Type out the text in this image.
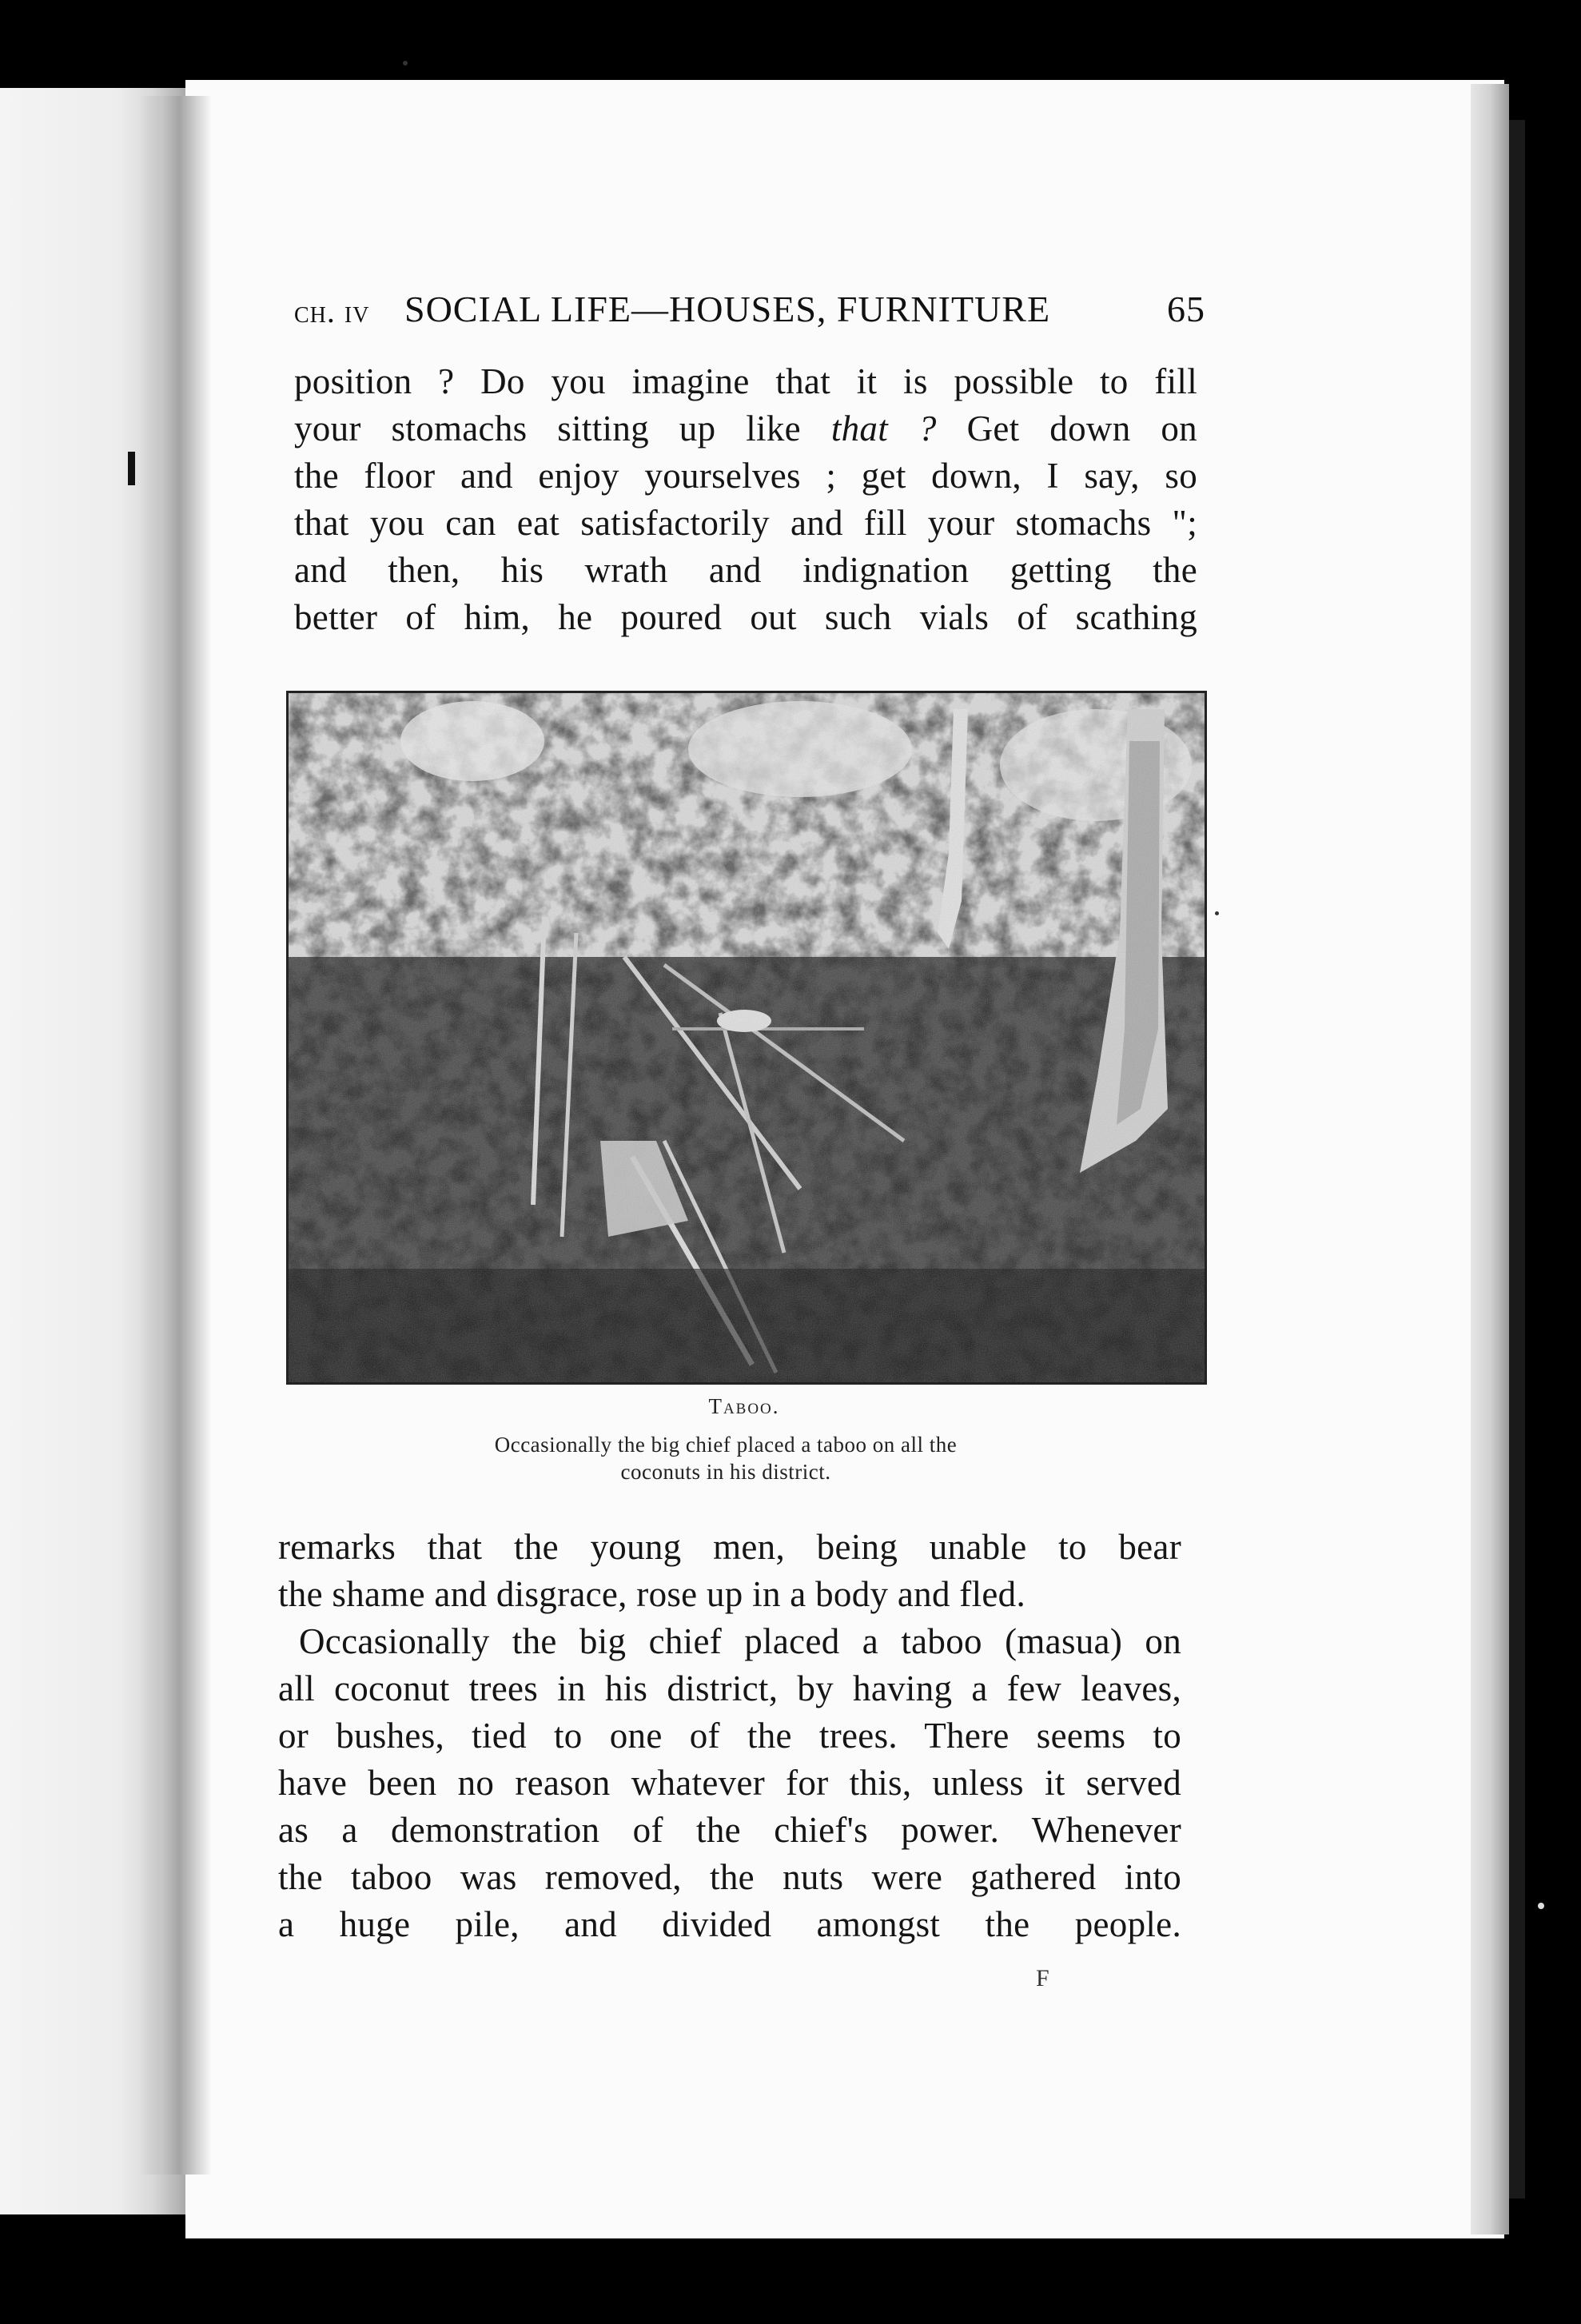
ch. iv SOCIAL LIFE—HOUSES, FURNITURE	65
position ? Do you imagine that it is possible to fill
your stomachs sitting up like that ? Get down on
the floor and enjoy yourselves ; get down, I say, so
that you can eat satisfactorily and fill your stomachs ";
and then, his wrath and indignation getting the
better of him, he poured out such vials of scathing
Taboo.
Occasionally the big chief placed a taboo on all the
coconuts in his district.
remarks that the young men, being unable to bear
the shame and disgrace, rose up in a body and fled.
Occasionally the big chief placed a taboo (masua) on
all coconut trees in his district, by having a few leaves,
or bushes, tied to one of the trees. There seems to
have been no reason whatever for this, unless it served
as a demonstration of the chief's power. Whenever
the taboo was removed, the nuts were gathered into
a huge pile, and divided amongst the people.
F
